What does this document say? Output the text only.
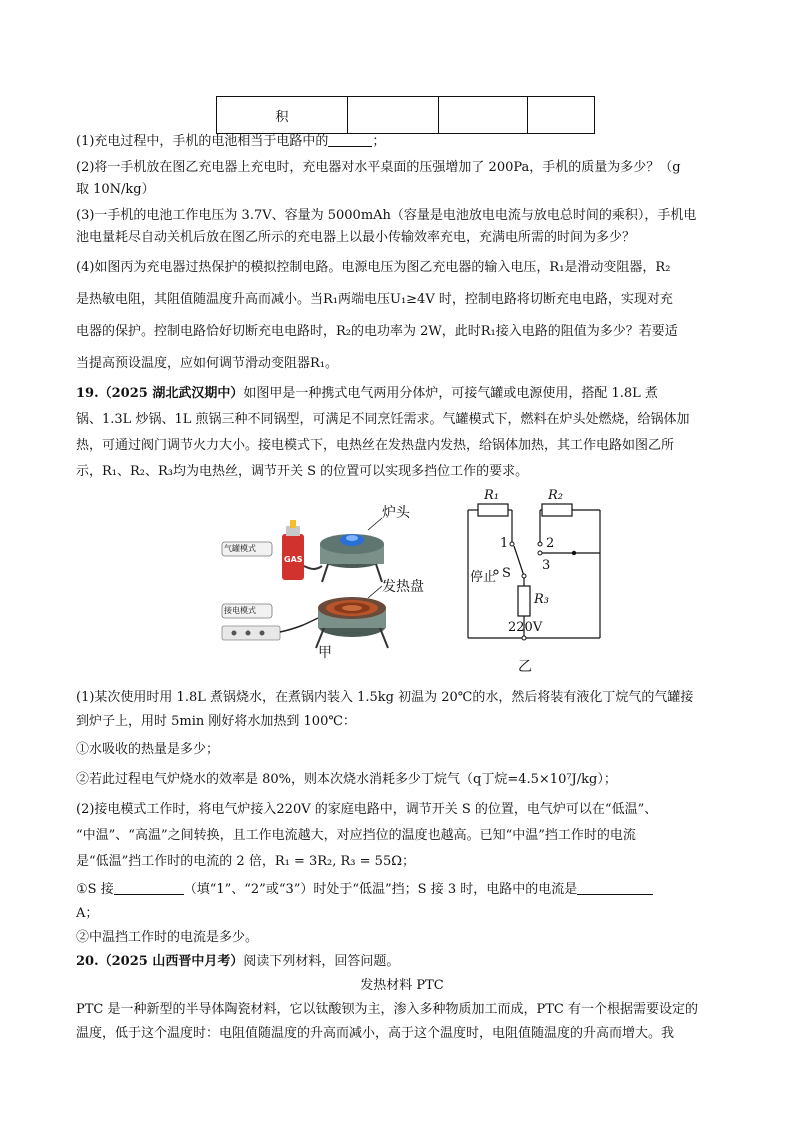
积			
(1)充电过程中，手机的电池相当于电路中的	；
(2)将一手机放在图乙充电器上充电时，充电器对水平桌面的压强增加了 200Pa，手机的质量为多少？（g
取 10N/kg）
(3)一手机的电池工作电压为 3.7V、容量为 5000mAh（容量是电池放电电流与放电总时间的乘积），手机电
池电量耗尽自动关机后放在图乙所示的充电器上以最小传输效率充电，充满电所需的时间为多少？
(4)如图丙为充电器过热保护的模拟控制电路。电源电压为图乙充电器的输入电压，R₁是滑动变阻器，R₂
是热敏电阻，其阻值随温度升高而减小。当R₁两端电压U₁≥4V 时，控制电路将切断充电电路，实现对充
电器的保护。控制电路恰好切断充电电路时，R₂的电功率为 2W，此时R₁接入电路的阻值为多少？若要适
当提高预设温度，应如何调节滑动变阻器R₁。
19.（2025 湖北武汉期中）如图甲是一种携式电气两用分体炉，可接气罐或电源使用，搭配 1.8L 煮
锅、1.3L 炒锅、1L 煎锅三种不同锅型，可满足不同烹饪需求。气罐模式下，燃料在炉头处燃烧，给锅体加
热，可通过阀门调节火力大小。接电模式下，电热丝在发热盘内发热，给锅体加热，其工作电路如图乙所
示，R₁、R₂、R₃均为电热丝，调节开关 S 的位置可以实现多挡位工作的要求。
GAS
气罐模式
接电模式
炉头
发热盘
甲
R₁	R₂
R₃
1	2
3
停止 S
220V
乙
(1)某次使用时用 1.8L 煮锅烧水，在煮锅内装入 1.5kg 初温为 20℃的水，然后将装有液化丁烷气的气罐接
到炉子上，用时 5min 刚好将水加热到 100℃：
①水吸收的热量是多少；
②若此过程电气炉烧水的效率是 80%，则本次烧水消耗多少丁烷气（q丁烷=4.5×10⁷J/kg）；
(2)接电模式工作时，将电气炉接入220V 的家庭电路中，调节开关 S 的位置，电气炉可以在“低温”、
“中温”、“高温”之间转换，且工作电流越大，对应挡位的温度也越高。已知“中温”挡工作时的电流
是“低温”挡工作时的电流的 2 倍，R₁ = 3R₂, R₃ = 55Ω；
①S 接	（填“1”、“2”或“3”）时处于“低温”挡；S 接 3 时，电路中的电流是
A；
②中温挡工作时的电流是多少。
20.（2025 山西晋中月考）阅读下列材料，回答问题。
发热材料 PTC
PTC 是一种新型的半导体陶瓷材料，它以钛酸钡为主，渗入多种物质加工而成，PTC 有一个根据需要设定的
温度，低于这个温度时：电阻值随温度的升高而减小，高于这个温度时，电阻值随温度的升高而增大。我
